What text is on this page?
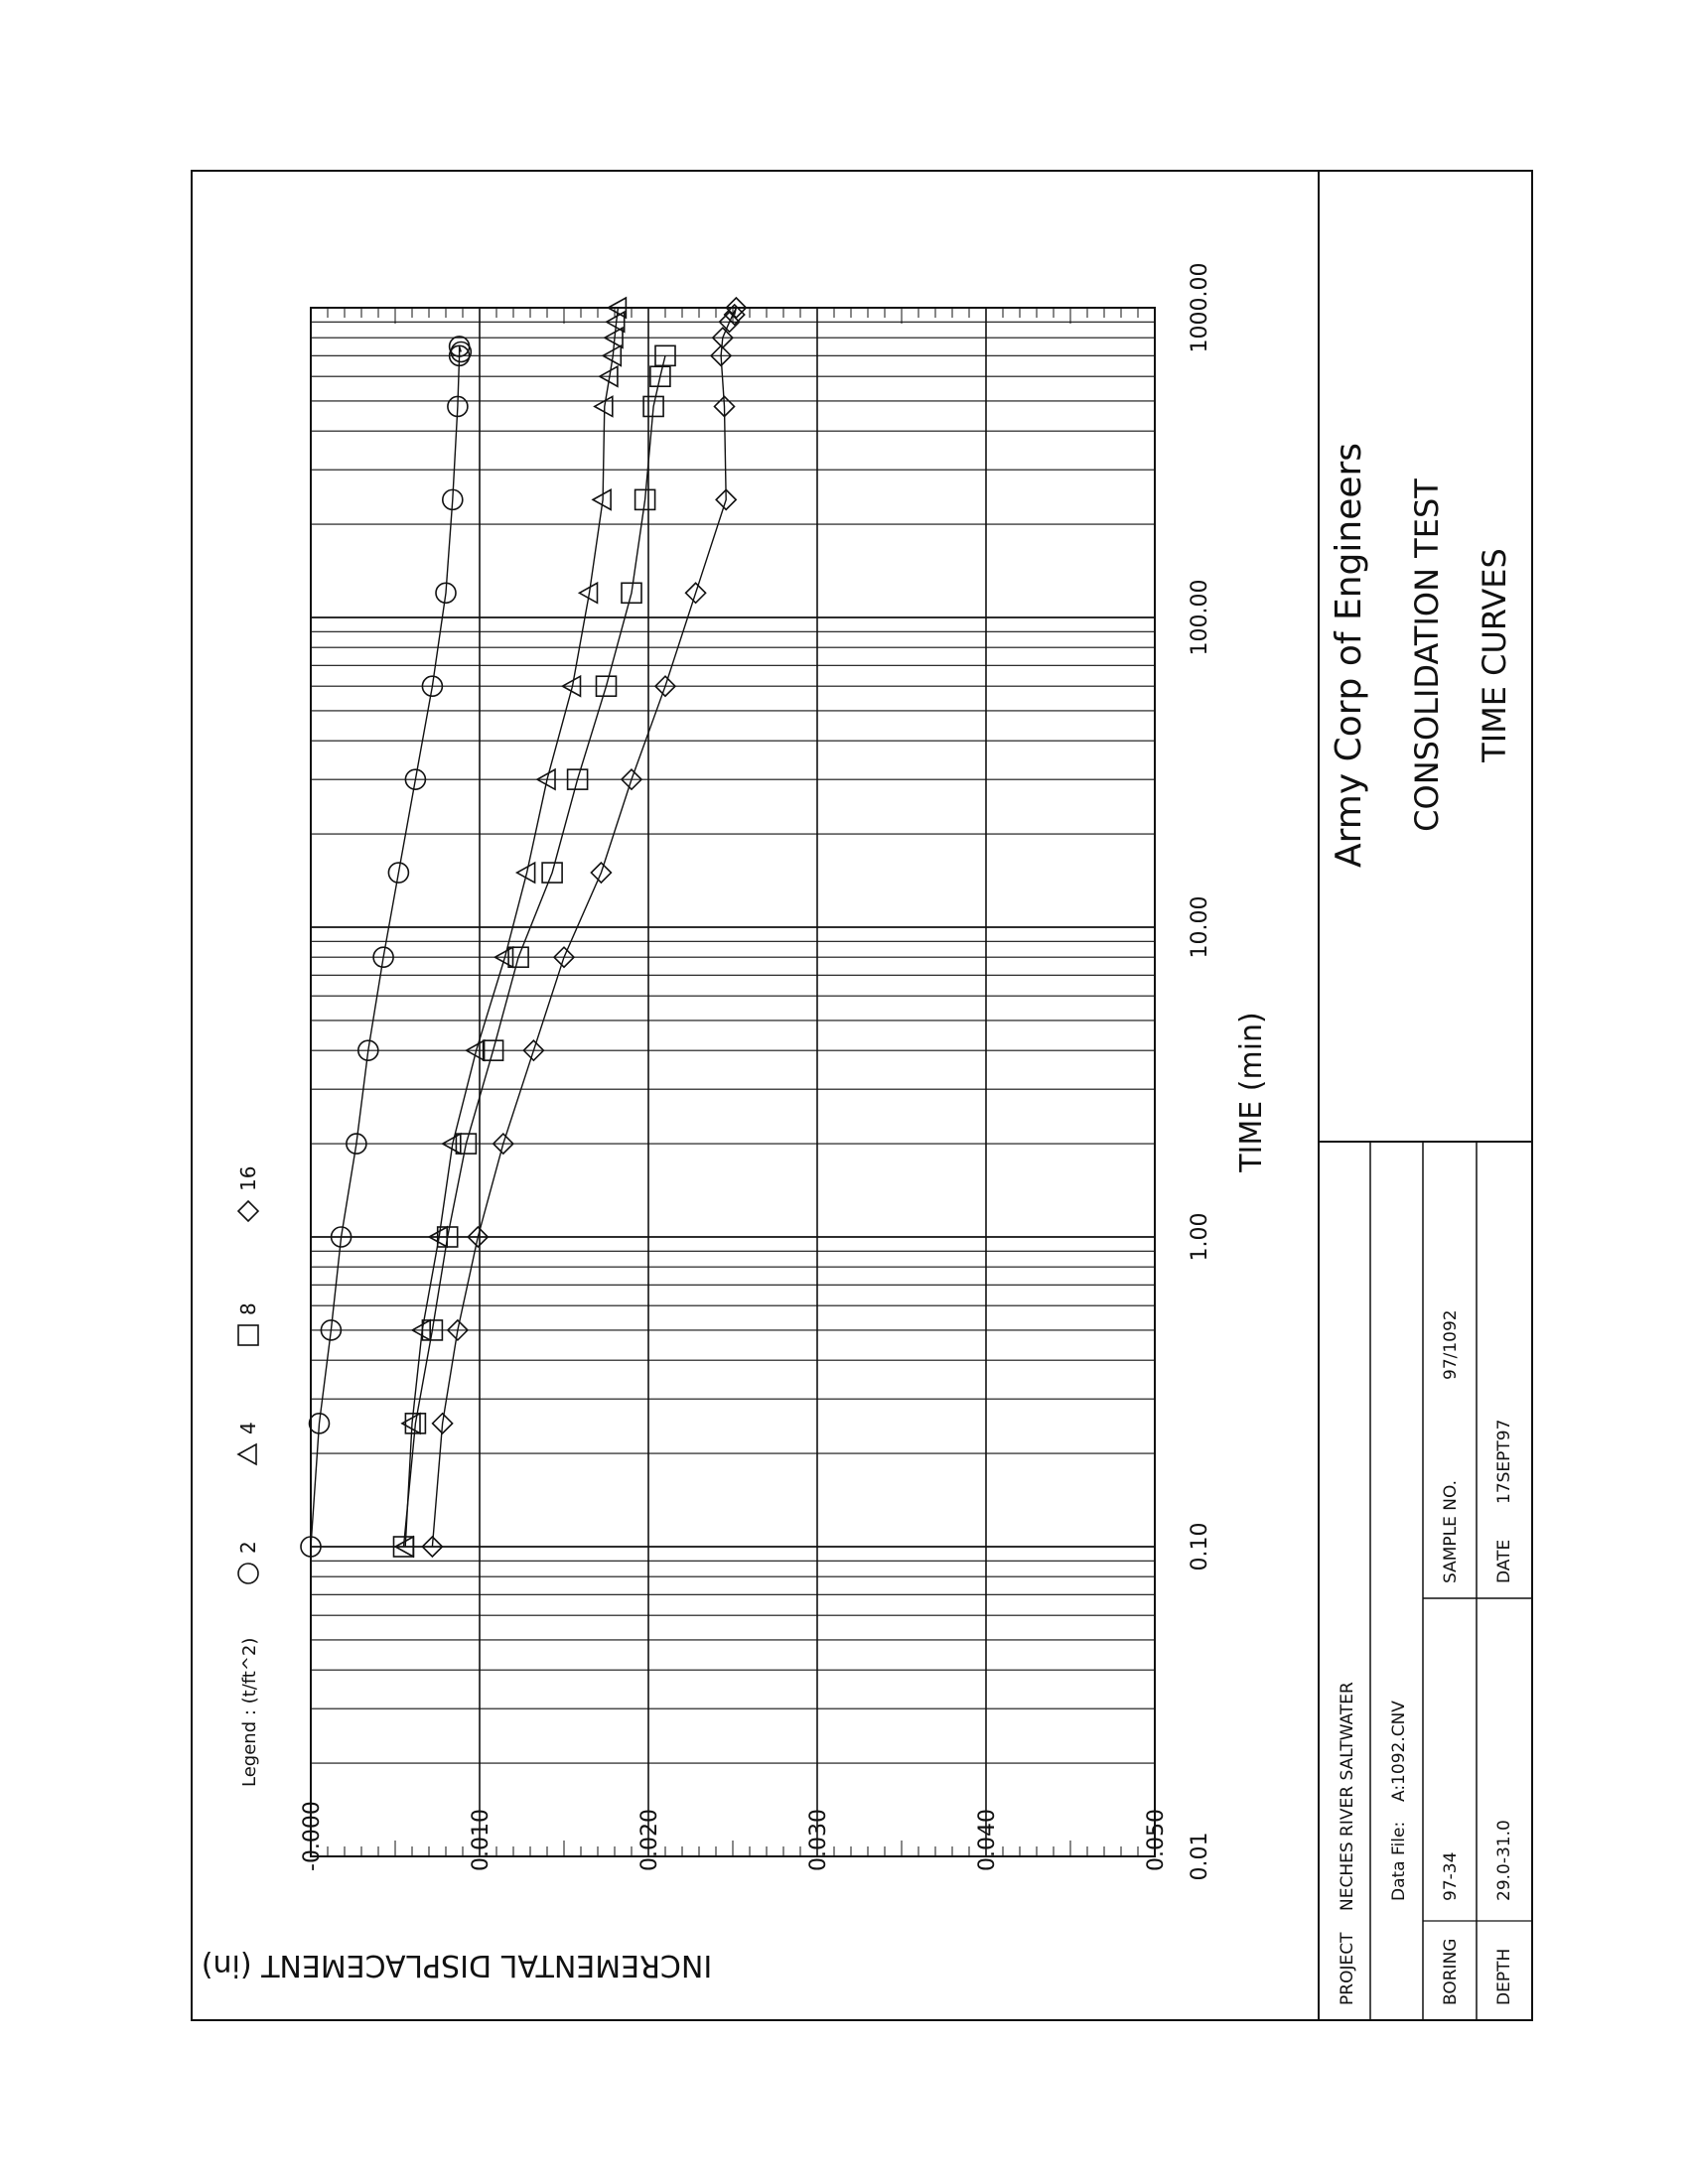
Army Corp of Engineers CONSOLIDATION TEST TIME CURVES
PROJECT
NECHES RIVER SALTWATER Data File:
A:1092.CNV
BORING
97-34
SAMPLE NO.
97/1092
DEPTH
29.0-31.0
DATE
17SEPT97
Legend : (t/ft^2)
2
4
8
16
TIME (min)
INCREMENTAL DISPLACEMENT (in)
0.01
0.10
1.00
10.00
100.00
1000.00
-0.000	0.010	0.020	0.030	0.040	0.050
